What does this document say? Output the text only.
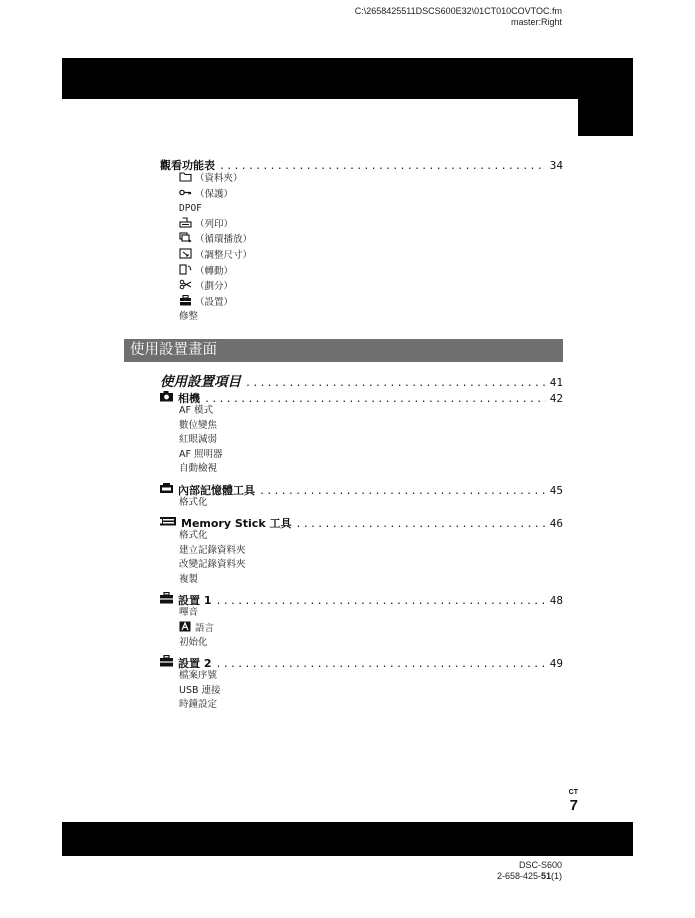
C:\2658425511DSCS600E32\01CT010COVTOC.fm
master:Right
觀看功能表 .....	34
（資料夾）
（保護）
DPOF
（列印）
（循環播放）
（調整尺寸）
（轉動）
（劃分）
（設置）
修整
使用設置畫面
使用設置項目 .....	41
相機 .....	42
AF 模式
數位變焦
紅眼減弱
AF 照明器
自動檢視
內部記憶體工具 .....	45
格式化
Memory Stick 工具 .....	46
格式化
建立記錄資料夾
改變記錄資料夾
複製
設置 1 .....	48
嗶音
語言
初始化
設置 2 .....	49
檔案序號
USB 連接
時鐘設定
CT
7
DSC-S600
2-658-425-51(1)
